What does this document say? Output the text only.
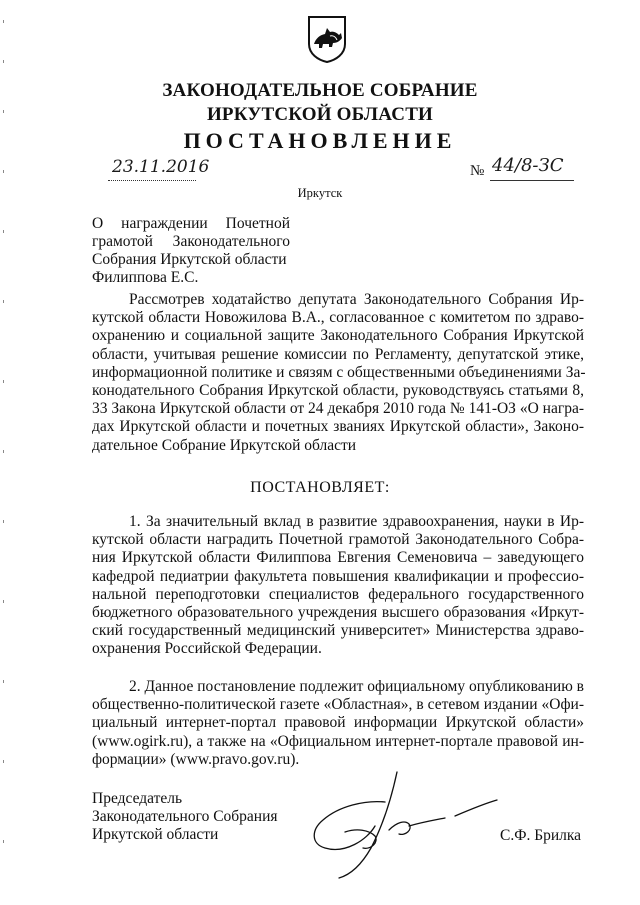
ЗАКОНОДАТЕЛЬНОЕ СОБРАНИЕ
ИРКУТСКОЙ ОБЛАСТИ
ПОСТАНОВЛЕНИЕ
23.11.2016	№ 44/8-ЗС
Иркутск
О награждении Почетной
грамотой Законодательного
Собрания Иркутской области
Филиппова Е.С.
Рассмотрев ходатайство депутата Законодательного Собрания Ир-
кутской области Новожилова В.А., согласованное с комитетом по здраво-
охранению и социальной защите Законодательного Собрания Иркутской
области, учитывая решение комиссии по Регламенту, депутатской этике,
информационной политике и связям с общественными объединениями За-
конодательного Собрания Иркутской области, руководствуясь статьями 8,
33 Закона Иркутской области от 24 декабря 2010 года № 141-ОЗ «О награ-
дах Иркутской области и почетных званиях Иркутской области», Законо-
дательное Собрание Иркутской области
ПОСТАНОВЛЯЕТ:
1. За значительный вклад в развитие здравоохранения, науки в Ир-
кутской области наградить Почетной грамотой Законодательного Собра-
ния Иркутской области Филиппова Евгения Семеновича – заведующего
кафедрой педиатрии факультета повышения квалификации и профессио-
нальной переподготовки специалистов федерального государственного
бюджетного образовательного учреждения высшего образования «Иркут-
ский государственный медицинский университет» Министерства здраво-
охранения Российской Федерации.
2. Данное постановление подлежит официальному опубликованию в
общественно-политической газете «Областная», в сетевом издании «Офи-
циальный интернет-портал правовой информации Иркутской области»
(www.ogirk.ru), а также на «Официальном интернет-портале правовой ин-
формации» (www.pravo.gov.ru).
Председатель
Законодательного Собрания
Иркутской области	С.Ф. Брилка
